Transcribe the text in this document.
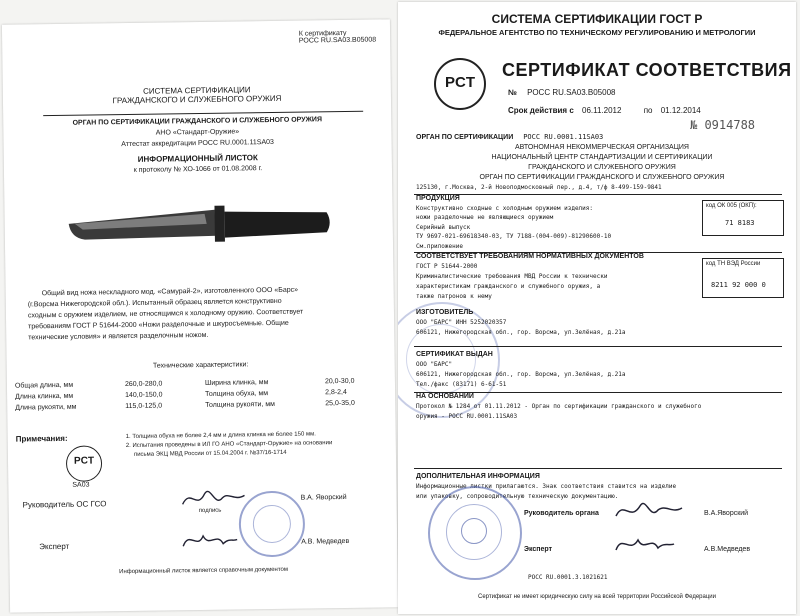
К сертификату
РОСС RU.SA03.B05008
СИСТЕМА СЕРТИФИКАЦИИ
ГРАЖДАНСКОГО И СЛУЖЕБНОГО ОРУЖИЯ
ОРГАН ПО СЕРТИФИКАЦИИ ГРАЖДАНСКОГО И СЛУЖЕБНОГО ОРУЖИЯ
АНО «Стандарт-Оружие»
Аттестат аккредитации РОСС RU.0001.11SA03
ИНФОРМАЦИОННЫЙ ЛИСТОК
к протоколу № ХО-1066 от 01.08.2008 г.
Общий вид ножа нескладного мод. «Самурай-2», изготовленного ООО «Барс»
(г.Ворсма Нижегородской обл.). Испытанный образец является конструктивно
сходным с оружием изделием, не относящимся к холодному оружию. Соответствует
требованиям ГОСТ Р 51644-2000 «Ножи разделочные и шкуросъемные. Общие
технические условия» и является разделочным ножом.
Технические характеристики:
Общая длина, мм	260,0-280,0	Ширина клинка, мм	20,0-30,0
Длина клинка, мм	140,0-150,0	Толщина обуха, мм	2,8-2,4
Длина рукояти, мм	115,0-125,0	Толщина рукояти, мм	25,0-35,0
Примечания:	1. Толщина обуха не более 2,4 мм и длина клинка не более 150 мм.
2. Испытания проведены в ИЛ ГО АНО «Стандарт-Оружие» на основании
письма ЭКЦ МВД России от 15.04.2004 г. №37/16-1714
PCT
SA03
Руководитель ОС ГСО
подпись
В.А. Яворский
Эксперт
А.В. Медведев
Информационный листок является справочным документом
СИСТЕМА СЕРТИФИКАЦИИ ГОСТ Р
ФЕДЕРАЛЬНОЕ АГЕНТСТВО ПО ТЕХНИЧЕСКОМУ РЕГУЛИРОВАНИЮ И МЕТРОЛОГИИ
PCT
СЕРТИФИКАТ СООТВЕТСТВИЯ
№ РОСС RU.SA03.B05008
Срок действия с 06.11.2012	по 01.12.2014
№ 0914788
ОРГАН ПО СЕРТИФИКАЦИИ РОСС RU.0001.11SA03
АВТОНОМНАЯ НЕКОММЕРЧЕСКАЯ ОРГАНИЗАЦИЯ
НАЦИОНАЛЬНЫЙ ЦЕНТР СТАНДАРТИЗАЦИИ И СЕРТИФИКАЦИИ
ГРАЖДАНСКОГО И СЛУЖЕБНОГО ОРУЖИЯ
ОРГАН ПО СЕРТИФИКАЦИИ ГРАЖДАНСКОГО И СЛУЖЕБНОГО ОРУЖИЯ
125130, г.Москва, 2-й Новоподмосковный пер., д.4, т/ф 8-499-159-9841
ПРОДУКЦИЯ
Конструктивно сходные с холодным оружием изделия:
ножи разделочные не являющиеся оружием
Серийный выпуск
ТУ 9697-021-69618340-03, ТУ 7188-(004-009)-81290600-10
См.приложение
код ОК 005 (ОКП):
71 8183
СООТВЕТСТВУЕТ ТРЕБОВАНИЯМ НОРМАТИВНЫХ ДОКУМЕНТОВ
ГОСТ Р 51644-2000
Криминалистические требования МВД России к технически
характеристикам гражданского и служебного оружия, а
также патронов к нему
код ТН ВЭД России
8211 92 000 0
ИЗГОТОВИТЕЛЬ
ООО "БАРС" ИНН 5252020357
606121, Нижегородская обл., гор. Ворсма, ул.Зелёная, д.21а
СЕРТИФИКАТ ВЫДАН
ООО "БАРС"
606121, Нижегородская обл., гор. Ворсма, ул.Зелёная, д.21а
Тел./факс (83171) 6-61-51
НА ОСНОВАНИИ
Протокол № 1284 от 01.11.2012 - Орган по сертификации гражданского и служебного
оружия - РОСС RU.0001.11SA03
ДОПОЛНИТЕЛЬНАЯ ИНФОРМАЦИЯ
Информационные листки прилагаются. Знак соответствия ставится на изделие
или упаковку, сопроводительную техническую документацию.
Руководитель органа	В.А.Яворский
Эксперт	А.В.Медведев
РОСС RU.0001.3.1021621
Сертификат не имеет юридическую силу на всей территории Российской Федерации
